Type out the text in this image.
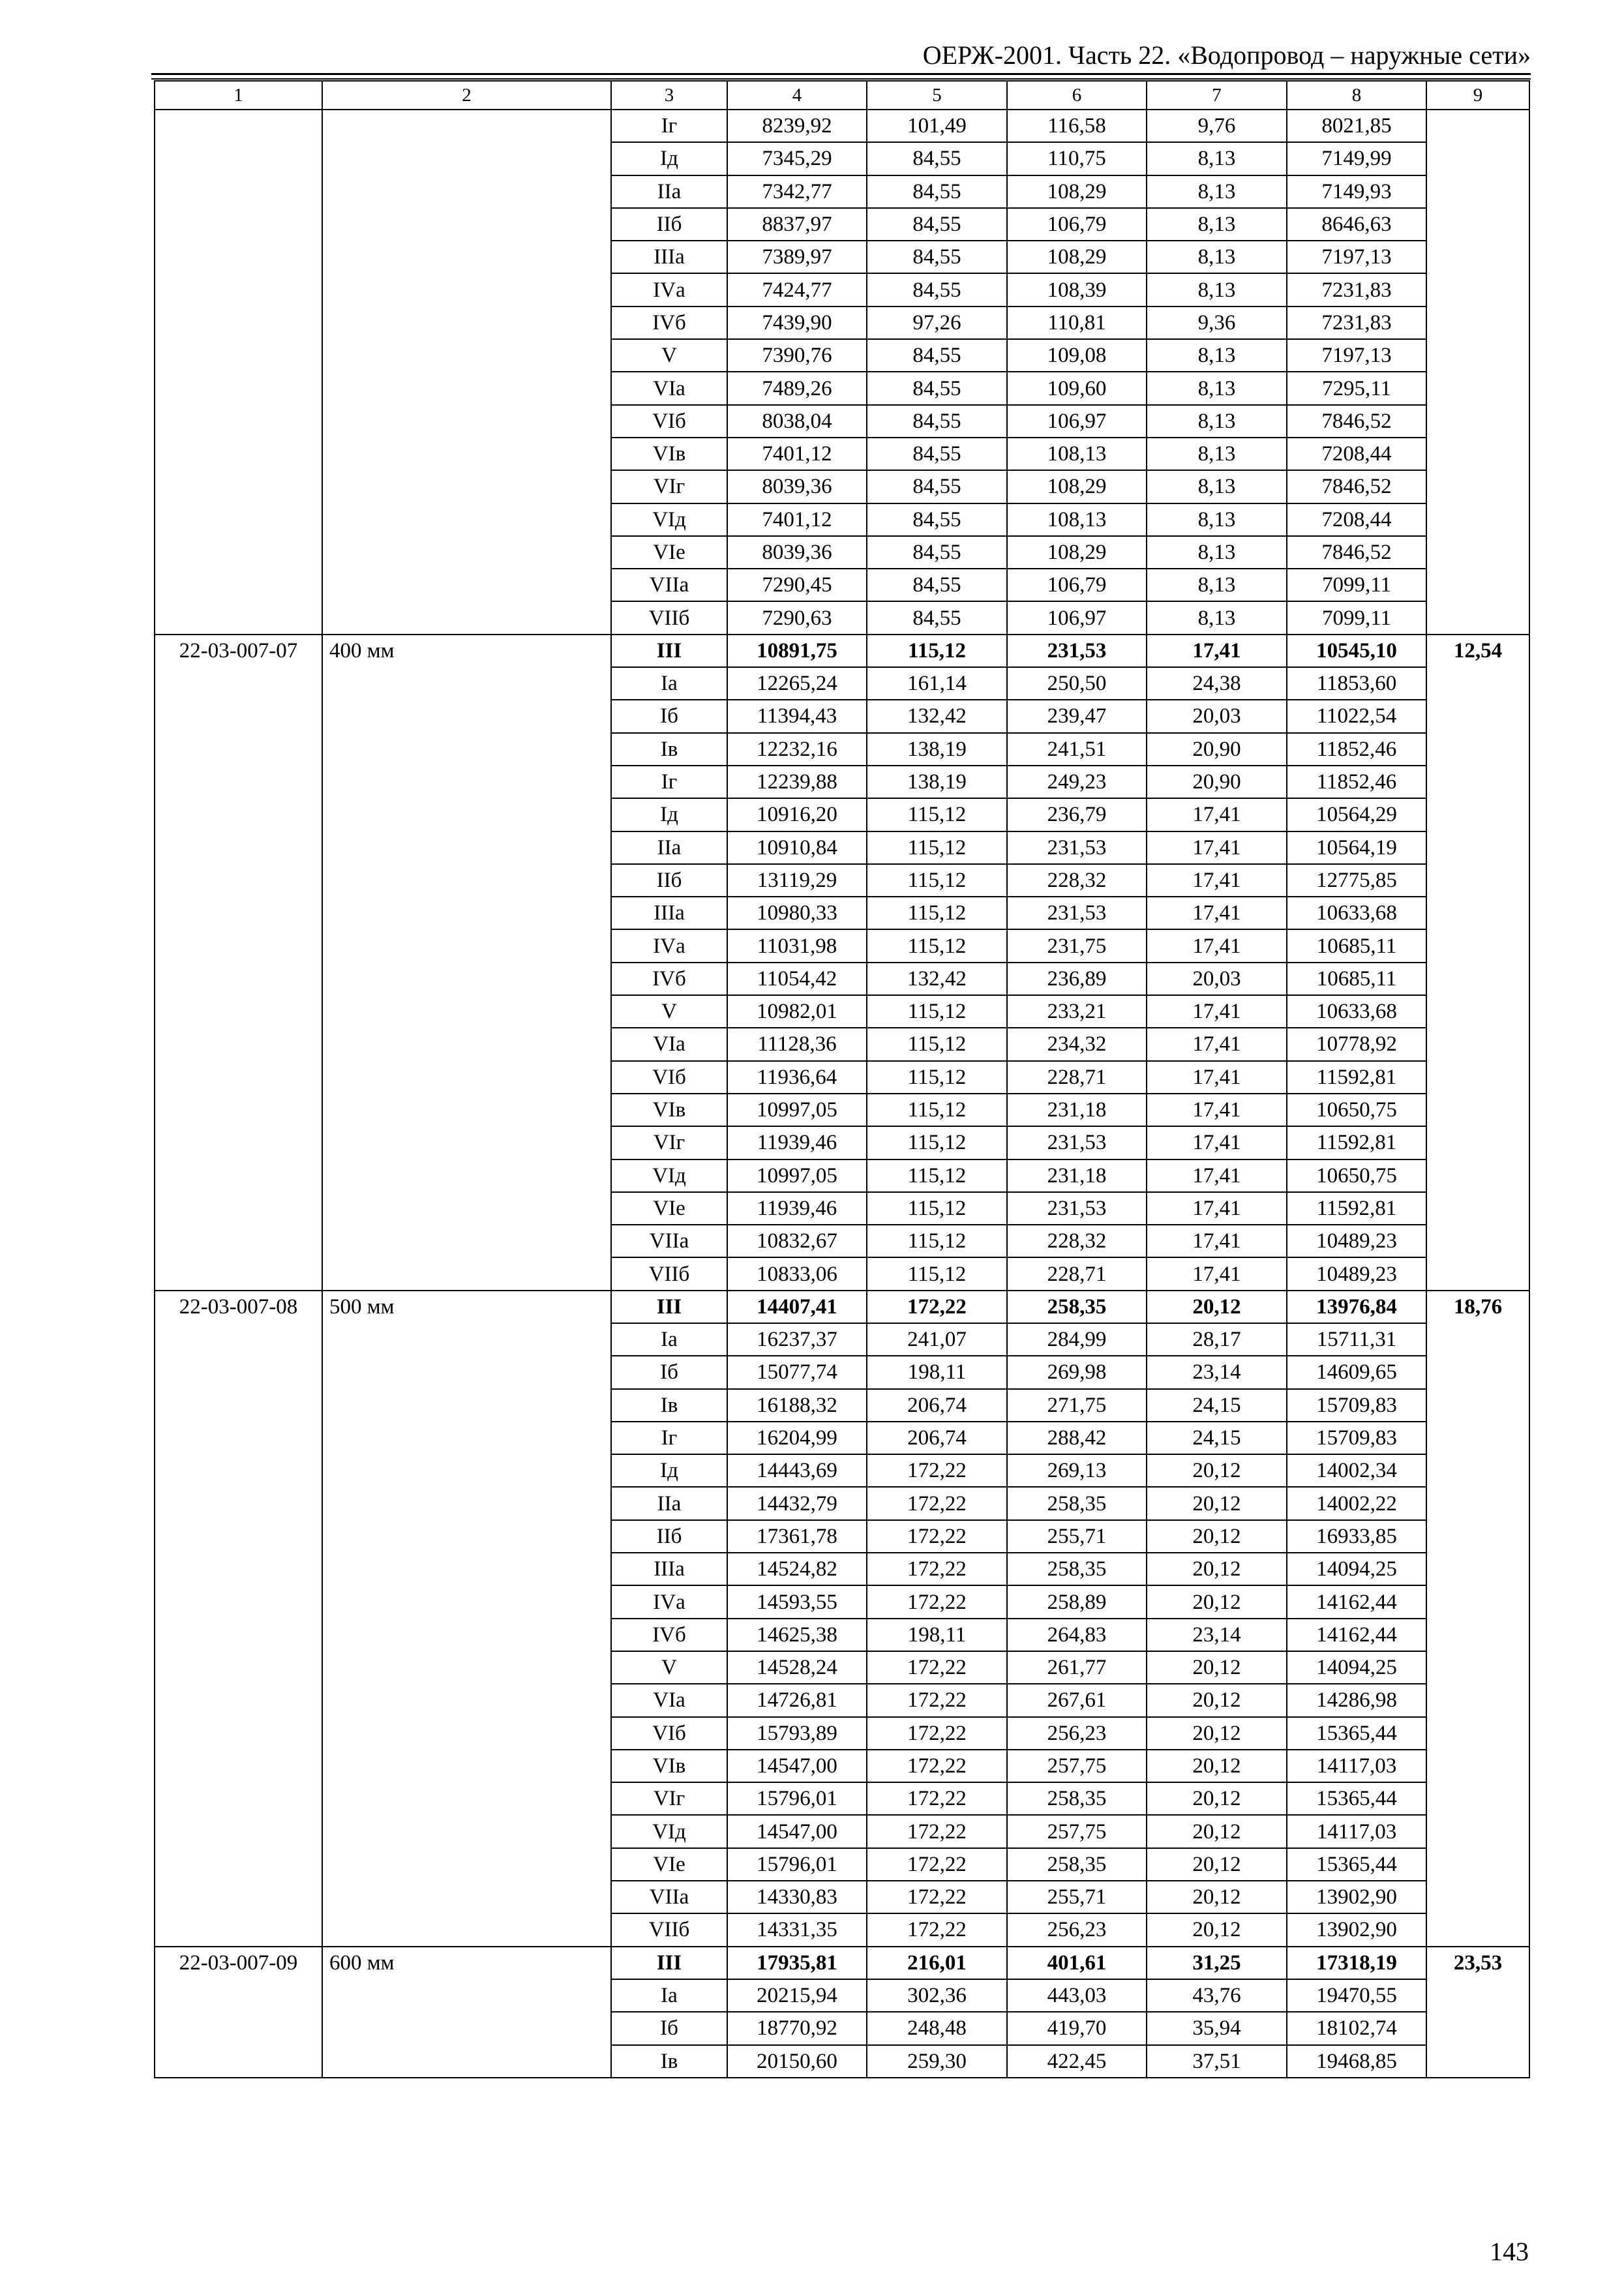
ОЕРЖ-2001. Часть 22. «Водопровод – наружные сети»
1	2	3	4	5	6	7	8	9
		Iг	8239,92	101,49	116,58	9,76	8021,85	
		Iд	7345,29	84,55	110,75	8,13	7149,99	
		IIа	7342,77	84,55	108,29	8,13	7149,93	
		IIб	8837,97	84,55	106,79	8,13	8646,63	
		IIIа	7389,97	84,55	108,29	8,13	7197,13	
		IVа	7424,77	84,55	108,39	8,13	7231,83	
		IVб	7439,90	97,26	110,81	9,36	7231,83	
		V	7390,76	84,55	109,08	8,13	7197,13	
		VIа	7489,26	84,55	109,60	8,13	7295,11	
		VIб	8038,04	84,55	106,97	8,13	7846,52	
		VIв	7401,12	84,55	108,13	8,13	7208,44	
		VIг	8039,36	84,55	108,29	8,13	7846,52	
		VIд	7401,12	84,55	108,13	8,13	7208,44	
		VIе	8039,36	84,55	108,29	8,13	7846,52	
		VIIа	7290,45	84,55	106,79	8,13	7099,11	
		VIIб	7290,63	84,55	106,97	8,13	7099,11	
22-03-007-07	400 мм	III	10891,75	115,12	231,53	17,41	10545,10	12,54
		Iа	12265,24	161,14	250,50	24,38	11853,60	
		Iб	11394,43	132,42	239,47	20,03	11022,54	
		Iв	12232,16	138,19	241,51	20,90	11852,46	
		Iг	12239,88	138,19	249,23	20,90	11852,46	
		Iд	10916,20	115,12	236,79	17,41	10564,29	
		IIа	10910,84	115,12	231,53	17,41	10564,19	
		IIб	13119,29	115,12	228,32	17,41	12775,85	
		IIIа	10980,33	115,12	231,53	17,41	10633,68	
		IVа	11031,98	115,12	231,75	17,41	10685,11	
		IVб	11054,42	132,42	236,89	20,03	10685,11	
		V	10982,01	115,12	233,21	17,41	10633,68	
		VIа	11128,36	115,12	234,32	17,41	10778,92	
		VIб	11936,64	115,12	228,71	17,41	11592,81	
		VIв	10997,05	115,12	231,18	17,41	10650,75	
		VIг	11939,46	115,12	231,53	17,41	11592,81	
		VIд	10997,05	115,12	231,18	17,41	10650,75	
		VIе	11939,46	115,12	231,53	17,41	11592,81	
		VIIа	10832,67	115,12	228,32	17,41	10489,23	
		VIIб	10833,06	115,12	228,71	17,41	10489,23	
22-03-007-08	500 мм	III	14407,41	172,22	258,35	20,12	13976,84	18,76
		Iа	16237,37	241,07	284,99	28,17	15711,31	
		Iб	15077,74	198,11	269,98	23,14	14609,65	
		Iв	16188,32	206,74	271,75	24,15	15709,83	
		Iг	16204,99	206,74	288,42	24,15	15709,83	
		Iд	14443,69	172,22	269,13	20,12	14002,34	
		IIа	14432,79	172,22	258,35	20,12	14002,22	
		IIб	17361,78	172,22	255,71	20,12	16933,85	
		IIIа	14524,82	172,22	258,35	20,12	14094,25	
		IVа	14593,55	172,22	258,89	20,12	14162,44	
		IVб	14625,38	198,11	264,83	23,14	14162,44	
		V	14528,24	172,22	261,77	20,12	14094,25	
		VIа	14726,81	172,22	267,61	20,12	14286,98	
		VIб	15793,89	172,22	256,23	20,12	15365,44	
		VIв	14547,00	172,22	257,75	20,12	14117,03	
		VIг	15796,01	172,22	258,35	20,12	15365,44	
		VIд	14547,00	172,22	257,75	20,12	14117,03	
		VIе	15796,01	172,22	258,35	20,12	15365,44	
		VIIа	14330,83	172,22	255,71	20,12	13902,90	
		VIIб	14331,35	172,22	256,23	20,12	13902,90	
22-03-007-09	600 мм	III	17935,81	216,01	401,61	31,25	17318,19	23,53
		Iа	20215,94	302,36	443,03	43,76	19470,55	
		Iб	18770,92	248,48	419,70	35,94	18102,74	
		Iв	20150,60	259,30	422,45	37,51	19468,85	
143
